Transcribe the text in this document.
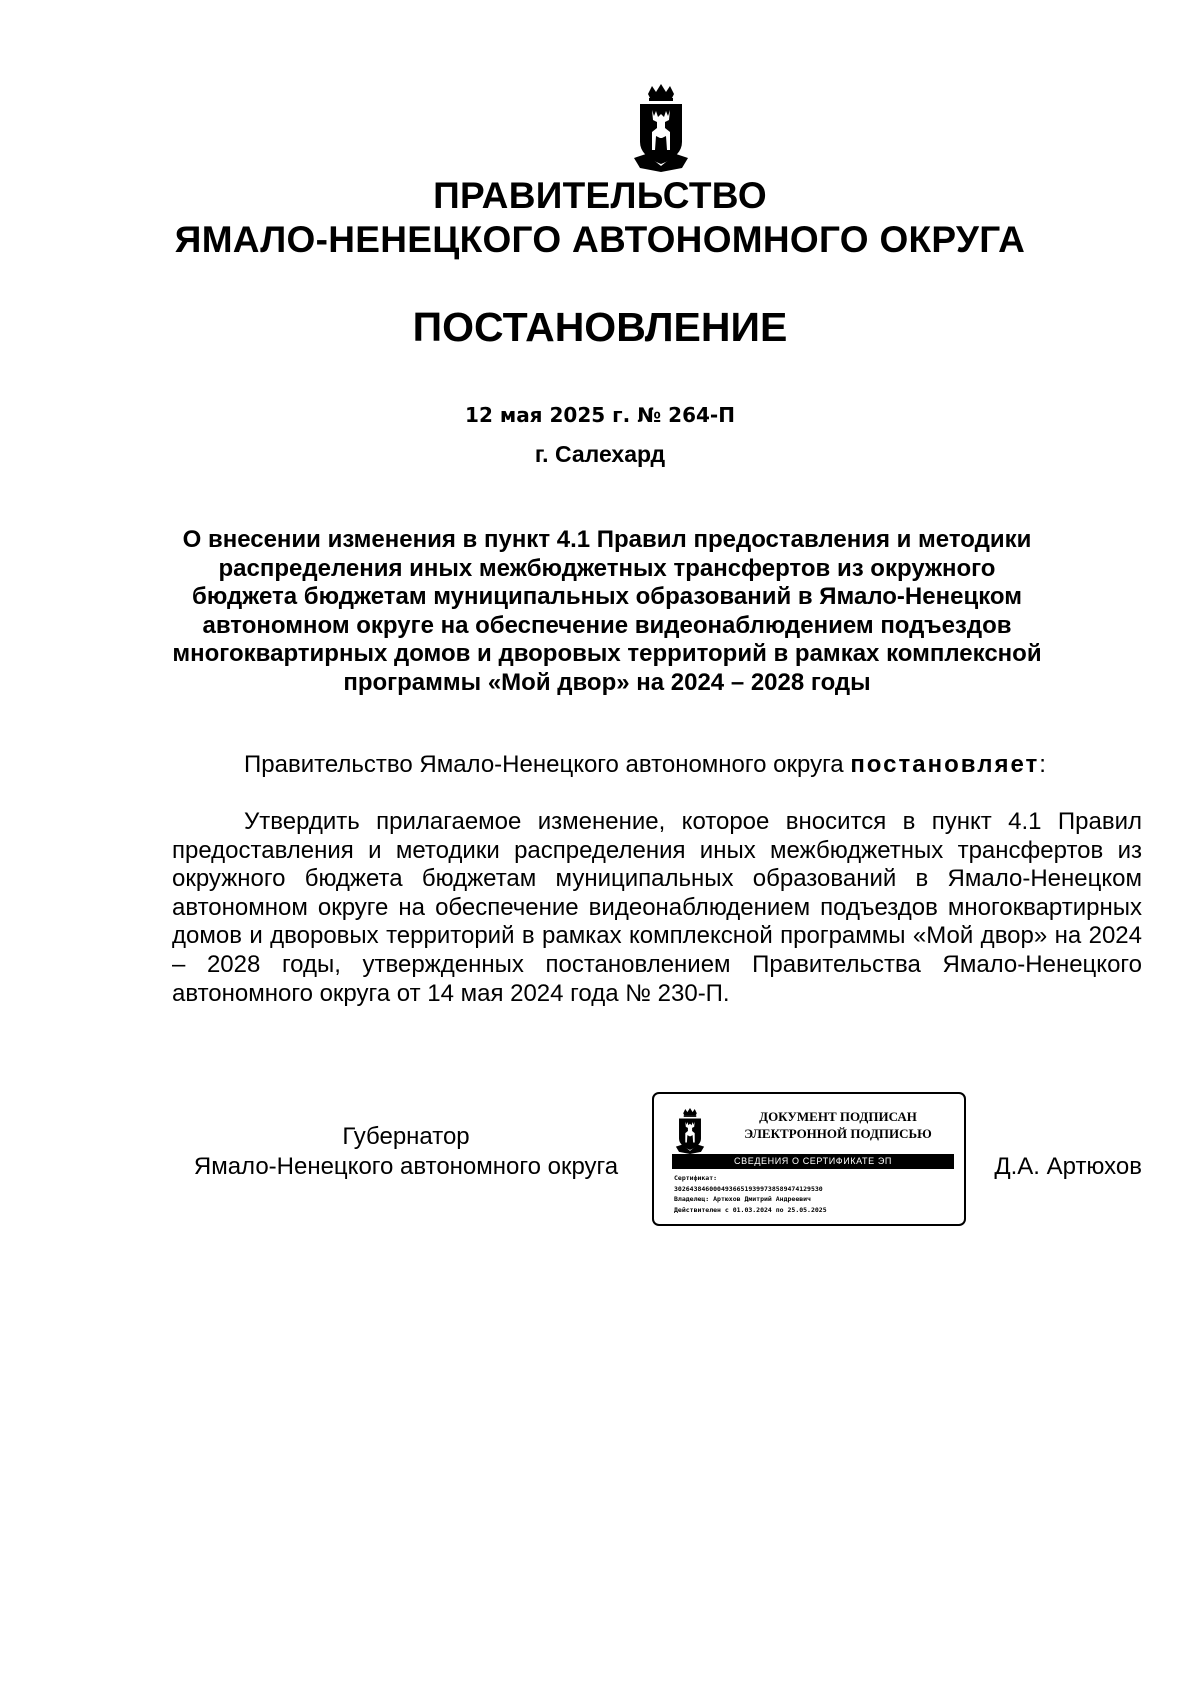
ПРАВИТЕЛЬСТВО
ЯМАЛО-НЕНЕЦКОГО АВТОНОМНОГО ОКРУГА
ПОСТАНОВЛЕНИЕ
12 мая 2025 г. № 264-П
г. Салехард
О внесении изменения в пункт 4.1 Правил предоставления и методики
распределения иных межбюджетных трансфертов из окружного
бюджета бюджетам муниципальных образований в Ямало-Ненецком
автономном округе на обеспечение видеонаблюдением подъездов
многоквартирных домов и дворовых территорий в рамках комплексной
программы «Мой двор» на 2024 – 2028 годы
Правительство Ямало-Ненецкого автономного округа постановляет:
Утвердить прилагаемое изменение, которое вносится в пункт 4.1 Правил предоставления и методики распределения иных межбюджетных трансфертов из окружного бюджета бюджетам муниципальных образований в Ямало-Ненецком автономном округе на обеспечение видеонаблюдением подъездов многоквартирных домов и дворовых территорий в рамках комплексной программы «Мой двор» на 2024 – 2028 годы, утвержденных постановлением Правительства Ямало-Ненецкого автономного округа от 14 мая 2024 года № 230-П.
Губернатор
Ямало-Ненецкого автономного округа
ДОКУМЕНТ ПОДПИСАН
ЭЛЕКТРОННОЙ ПОДПИСЬЮ
СВЕДЕНИЯ О СЕРТИФИКАТЕ ЭП
Сертификат:
30264384600049366519399738589474129530
Владелец: Артюхов Дмитрий Андреевич
Действителен с 01.03.2024 по 25.05.2025
Д.А. Артюхов
